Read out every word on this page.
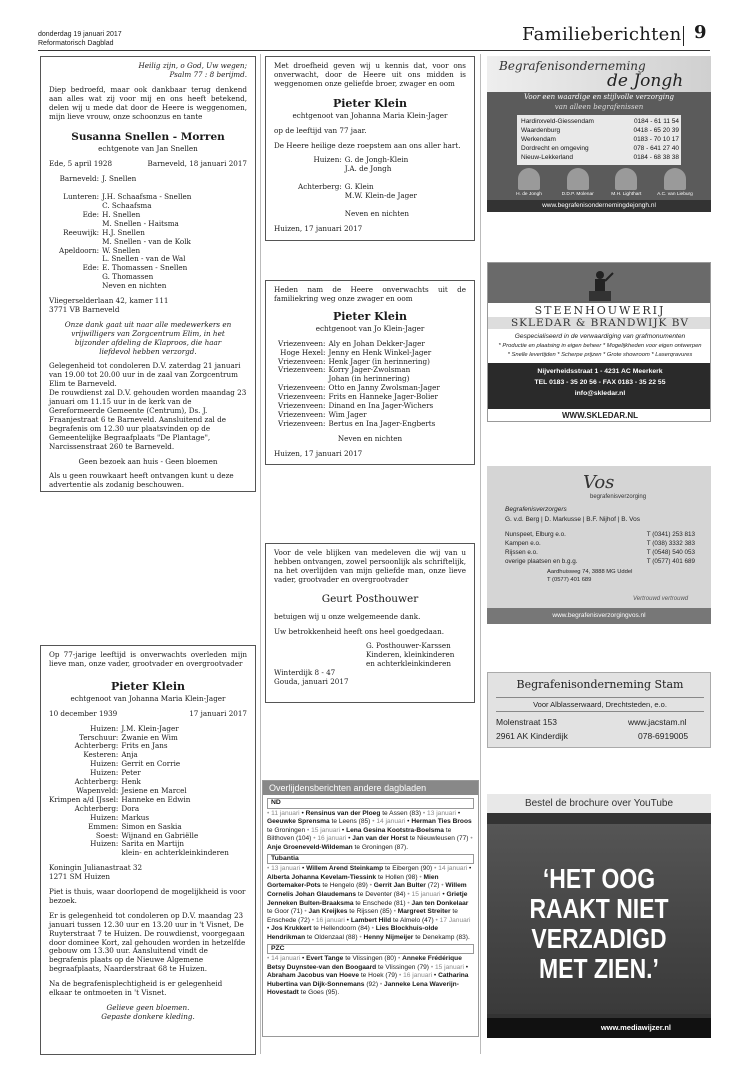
donderdag 19 januari 2017
Reformatorisch Dagblad	Familieberichten 9
Heilig zijn, o God, Uw wegen;
Psalm 77 : 8 berijmd.
Diep bedroefd, maar ook dankbaar terug denkend aan alles wat zij voor mij en ons heeft betekend, delen wij u mede dat door de Heere is weggenomen, mijn lieve vrouw, onze schoonzus en tante
Susanna Snellen - Morren
echtgenote van Jan Snellen
Ede, 5 april 1928	Barneveld, 18 januari 2017
Barneveld:	J. Snellen

Lunteren:	J.H. Schaafsma - Snellen
	C. Schaafsma
Ede:	H. Snellen
	M. Snellen - Haitsma
Reeuwijk:	H.J. Snellen
	M. Snellen - van de Kolk
Apeldoorn:	W. Snellen
	L. Snellen - van de Wal
Ede:	E. Thomassen - Snellen
	G. Thomassen
	Neven en nichten
Vliegerselderlaan 42, kamer 111
3771 VB Barneveld
Onze dank gaat uit naar alle medewerkers en vrijwilligers van Zorgcentrum Elim, in het bijzonder afdeling de Klaproos, die haar liefdevol hebben verzorgd.
Gelegenheid tot condoleren D.V. zaterdag 21 januari van 19.00 tot 20.00 uur in de zaal van Zorgcentrum Elim te Barneveld.
De rouwdienst zal D.V. gehouden worden maandag 23 januari om 11.15 uur in de kerk van de Gereformeerde Gemeente (Centrum), Ds. J. Fraanjestraat 6 te Barneveld. Aansluitend zal de begrafenis om 12.30 uur plaatsvinden op de Gemeentelijke Begraafplaats "De Plantage", Narcissenstraat 260 te Barneveld.
Geen bezoek aan huis - Geen bloemen
Als u geen rouwkaart heeft ontvangen kunt u deze advertentie als zodanig beschouwen.
Met droefheid geven wij u kennis dat, voor ons onverwacht, door de Heere uit ons midden is weggenomen onze geliefde broer, zwager en oom
Pieter Klein
echtgenoot van Johanna Maria Klein-Jager
op de leeftijd van 77 jaar.
De Heere heilige deze roepstem aan ons aller hart.
Huizen:	G. de Jongh-Klein
	J.A. de Jongh

Achterberg:	G. Klein
	M.W. Klein-de Jager

	Neven en nichten
Huizen, 17 januari 2017
Heden nam de Heere onverwachts uit de familiekring weg onze zwager en oom
Pieter Klein
echtgenoot van Jo Klein-Jager
Vriezenveen:	Aly en Johan Dekker-Jager
Hoge Hexel:	Jenny en Henk Winkel-Jager
Vriezenveen:	Henk Jager (in herinnering)
Vriezenveen:	Korry Jager-Zwolsman
	Johan (in herinnering)
Vriezenveen:	Otto en Janny Zwolsman-Jager
Vriezenveen:	Frits en Hanneke Jager-Bolier
Vriezenveen:	Dinand en Ina Jager-Wichers
Vriezenveen:	Wim Jager
Vriezenveen:	Bertus en Ina Jager-Engberts
Neven en nichten
Huizen, 17 januari 2017
Voor de vele blijken van medeleven die wij van u hebben ontvangen, zowel persoonlijk als schriftelijk, na het overlijden van mijn geliefde man, onze lieve vader, grootvader en overgrootvader
Geurt Posthouwer
betuigen wij u onze welgemeende dank.
Uw betrokkenheid heeft ons heel goedgedaan.
G. Posthouwer-Karssen
Kinderen, kleinkinderen
en achterkleinkinderen
Winterdijk 8 - 47
Gouda, januari 2017
Op 77-jarige leeftijd is onverwachts overleden mijn lieve man, onze vader, grootvader en overgrootvader
Pieter Klein
echtgenoot van Johanna Maria Klein-Jager
10 december 1939	17 januari 2017
Huizen:	J.M. Klein-Jager
Terschuur:	Zwanie en Wim
Achterberg:	Frits en Jans
Kesteren:	Anja
Huizen:	Gerrit en Corrie
Huizen:	Peter
Achterberg:	Henk
Wapenveld:	Jesiene en Marcel
Krimpen a/d IJssel:	Hanneke en Edwin
Achterberg:	Dora
Huizen:	Markus
Emmen:	Simon en Saskia
Soest:	Wijnand en Gabriëlle
Huizen:	Sarita en Martijn
	klein- en achterkleinkinderen
Koningin Julianastraat 32
1271 SM Huizen
Piet is thuis, waar doorlopend de mogelijkheid is voor bezoek.
Er is gelegenheid tot condoleren op D.V. maandag 23 januari tussen 12.30 uur en 13.20 uur in 't Visnet, De Ruyterstraat 7 te Huizen. De rouwdienst, voorgegaan door dominee Kort, zal gehouden worden in hetzelfde gebouw om 13.30 uur. Aansluitend vindt de begrafenis plaats op de Nieuwe Algemene begraafplaats, Naarderstraat 68 te Huizen.
Na de begrafenisplechtigheid is er gelegenheid elkaar te ontmoeten in 't Visnet.
Gelieve geen bloemen.
Gepaste donkere kleding.
Overlijdensberichten andere dagbladen
ND
• 11 januari • Rensinus van der Ploeg te Assen (83) • 13 januari • Geeuwke Sprensma te Leens (85) • 14 januari • Herman Ties Broos te Groningen • 15 januari • Lena Gesina Kootstra-Boelsma te Bilthoven (104) • 16 januari • Jan van der Horst te Nieuwleusen (77) • Anje Groeneveld-Wildeman te Groningen (87).
Tubantia
• 13 januari • Willem Arend Steinkamp te Eibergen (90) • 14 januari • Alberta Johanna Kevelam-Tiessink te Hollen (98) • Mien Gortemaker-Pots te Hengelo (89) • Gerrit Jan Bulter (72) • Willem Cornelis Johan Glaudemans te Deventer (84) • 15 januari • Grietje Jenneken Bulten-Braaksma te Enschede (81) • Jan ten Donkelaar te Goor (71) • Jan Kreijkes te Rijssen (85) • Margreet Streiter te Enschede (72) • 16 januari • Lambert Hild te Almelo (47) • 17 Januari • Jos Krukkert te Hellendoorn (84) • Lies Blockhuis-olde Hendrikman te Oldenzaal (88) • Henny Nijmeijer te Denekamp (83).
PZC
• 14 januari • Evert Tange te Vlissingen (80) • Anneke Frédérique Betsy Duynstee-van den Boogaard te Vlissingen (79) • 15 januari • Abraham Jacobus van Hoeve te Hoek (79) • 16 januari • Catharina Hubertina van Dijk-Sonnemans (92) • Janneke Lena Waverijn-Hovestadt te Goes (95).
Begrafenisonderneming
de Jongh
Voor een waardige en stijlvolle verzorging
van alleen begrafenissen
Hardinxveld-Giessendam	0184 - 61 11 54
Waardenburg	0418 - 65 20 39
Werkendam	0183 - 70 10 17
Dordrecht en omgeving	078 - 641 27 40
Nieuw-Lekkerland	0184 - 68 38 38
H. de Jongh	D.D.P. Molenar	M.H. Lighthart	A.C. van Lieburg
www.begrafenisondernemingdejongh.nl
STEENHOUWERIJ
SKLEDAR & BRANDWIJK BV
Gespecialiseerd in de verwaardiging van grafmonumenten
* Productie en plaatsing in eigen beheer * Mogelijkheden voor eigen ontwerpen
* Snelle levertijden * Scherpe prijzen * Grote showroom * Laserqravures
Nijverheidsstraat 1 - 4231 AC Meerkerk
TEL 0183 - 35 20 56 - FAX 0183 - 35 22 55
info@skledar.nl
WWW.SKLEDAR.NL
Vos
begrafenisverzorging
Begrafenisverzorgers
G. v.d. Berg | D. Markusse | B.F. Nijhof | B. Vos
Nunspeet, Elburg e.o.	T (0341) 253 813
Kampen e.o.	T (038) 3332 383
Rijssen e.o.	T (0548) 540 053
overige plaatsen en b.g.g.	T (0577) 401 689
Aardhuisweg 74, 3888 MG Uddel
T (0577) 401 689
Vertrouwd vertrouwd
www.begrafenisverzorgingvos.nl
Begrafenisonderneming Stam
Voor Alblasserwaard, Drechtsteden, e.o.
Molenstraat 153	www.jacstam.nl
2961 AK Kinderdijk	078-6919005
Bestel de brochure over YouTube
‘HET OOG
RAAKT NIET
VERZADIGD
MET ZIEN.’
www.mediawijzer.nl
